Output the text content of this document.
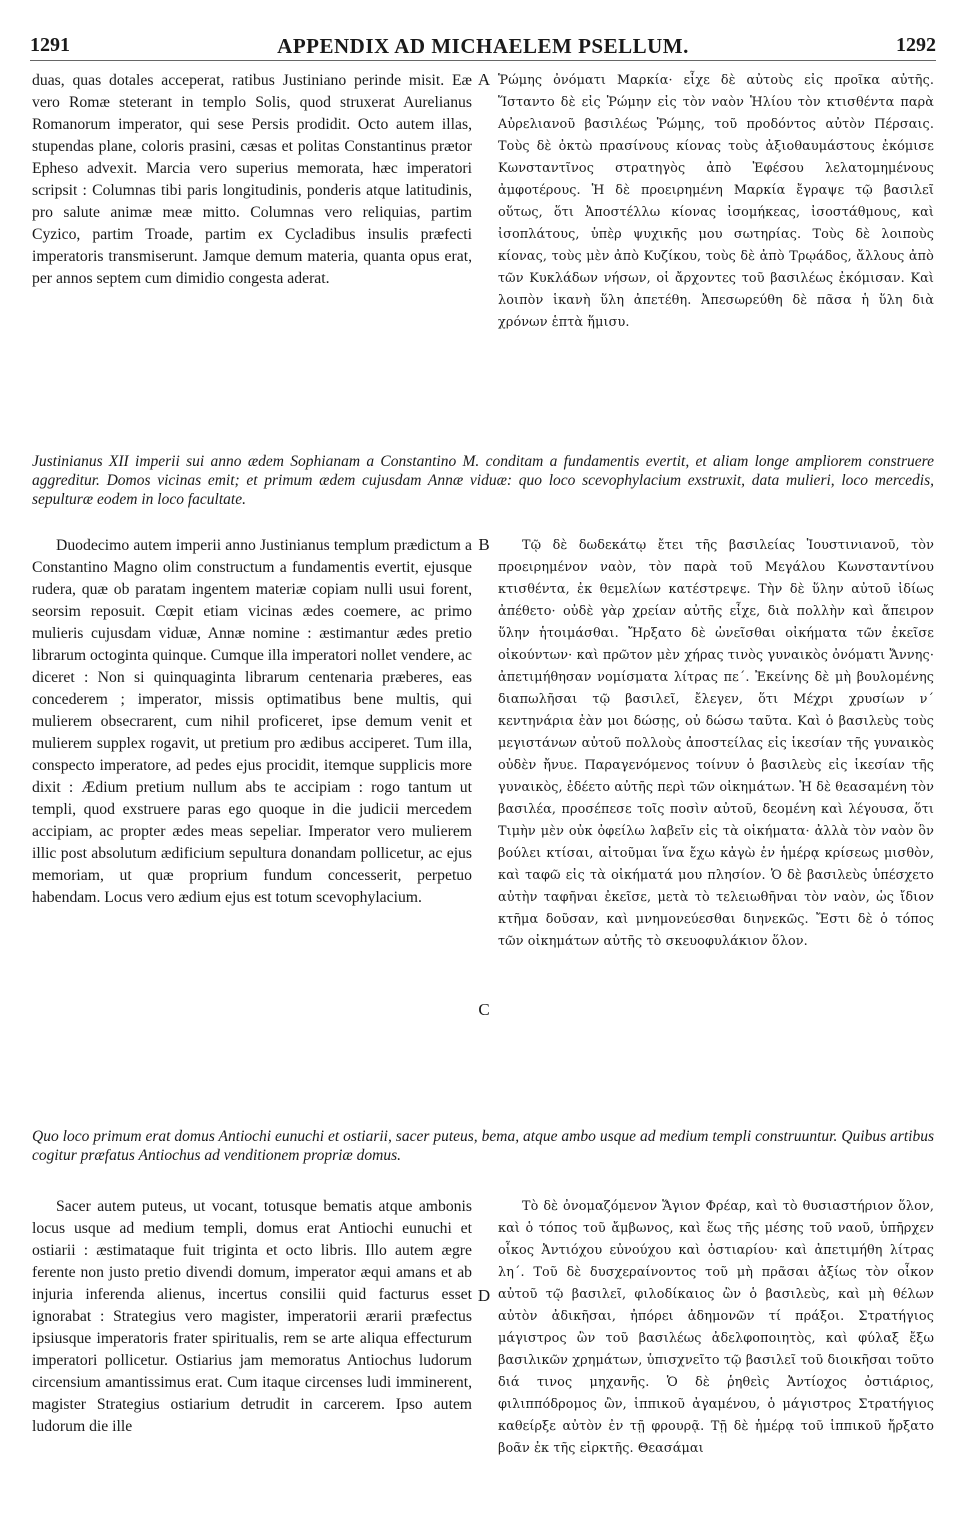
1291	APPENDIX AD MICHAELEM PSELLUM.	1292

duas, quas dotales acceperat, ratibus Justiniano perinde misit. Eæ vero Romæ steterant in templo Solis, quod struxerat Aurelianus Romanorum imperator, qui sese Persis prodidit. Octo autem illas, stupendas plane, coloris prasini, cæsas et politas Constantinus prætor Epheso advexit. Marcia vero superius memorata, hæc imperatori scripsit : Columnas tibi paris longitudinis, ponderis atque latitudinis, pro salute animæ meæ mitto. Columnas vero reliquias, partim Cyzico, partim Troade, partim ex Cycladibus insulis præfecti imperatoris transmiserunt. Jamque demum materia, quanta opus erat, per annos septem cum dimidio congesta aderat.

A Ῥώμης ὀνόματι Μαρκία· εἶχε δὲ αὐτοὺς εἰς προῖκα αὐτῆς. Ἵσταντο δὲ εἰς Ῥώμην εἰς τὸν ναὸν Ἡλίου τὸν κτισθέντα παρὰ Αὐρελιανοῦ βασιλέως Ῥώμης, τοῦ προδόντος αὐτὸν Πέρσαις. Τοὺς δὲ ὀκτὼ πρασίνους κίονας τοὺς ἀξιοθαυμάστους ἐκόμισε Κωνσταντῖνος στρατηγὸς ἀπὸ Ἐφέσου λελατομημένους ἀμφοτέρους. Ἡ δὲ προειρημένη Μαρκία ἔγραψε τῷ βασιλεῖ οὕτως, ὅτι Ἀποστέλλω κίονας ἰσομήκεας, ἰσοστάθμους, καὶ ἰσοπλάτους, ὑπὲρ ψυχικῆς μου σωτηρίας. Τοὺς δὲ λοιποὺς κίονας, τοὺς μὲν ἀπὸ Κυζίκου, τοὺς δὲ ἀπὸ Τρῳάδος, ἄλλους ἀπὸ τῶν Κυκλάδων νήσων, οἱ ἄρχοντες τοῦ βασιλέως ἐκόμισαν. Καὶ λοιπὸν ἱκανὴ ὕλη ἀπετέθη. Ἀπεσωρεύθη δὲ πᾶσα ἡ ὕλη διὰ χρόνων ἑπτὰ ἥμισυ.

Justinianus XII imperii sui anno ædem Sophianam a Constantino M. conditam a fundamentis evertit, et aliam longe ampliorem construere aggreditur. Domos vicinas emit; et primum ædem cujusdam Annæ viduæ: quo loco scevophylacium exstruxit, data mulieri, loco mercedis, sepulturæ eodem in loco facultate.

Duodecimo autem imperii anno Justinianus templum prædictum a Constantino Magno olim constructum a fundamentis evertit, ejusque rudera, quæ ob paratam ingentem materiæ copiam nulli usui forent, seorsim reposuit. Cœpit etiam vicinas ædes coemere, ac primo mulieris cujusdam viduæ, Annæ nomine : æstimantur ædes pretio librarum octoginta quinque. Cumque illa imperatori nollet vendere, ac diceret : Non si quinquaginta librarum centenaria præberes, eas concederem ; imperator, missis optimatibus bene multis, qui mulierem obsecrarent, cum nihil proficeret, ipse demum venit et mulierem supplex rogavit, ut pretium pro ædibus acciperet. Tum illa, conspecto imperatore, ad pedes ejus procidit, itemque supplicis more dixit : Ædium pretium nullum abs te accipiam : rogo tantum ut templi, quod exstruere paras ego quoque in die judicii mercedem accipiam, ac propter ædes meas sepeliar. Imperator vero mulierem illic post absolutum ædificium sepultura donandam pollicetur, ac ejus memoriam, ut quæ proprium fundum concesserit, perpetuo habendam. Locus vero ædium ejus est totum scevophylacium.

B
C

Τῷ δὲ δωδεκάτῳ ἔτει τῆς βασιλείας Ἰουστινιανοῦ, τὸν προειρημένον ναὸν, τὸν παρὰ τοῦ Μεγάλου Κωνσταντίνου κτισθέντα, ἐκ θεμελίων κατέστρεψε. Τὴν δὲ ὕλην αὐτοῦ ἰδίως ἀπέθετο· οὐδὲ γὰρ χρείαν αὐτῆς εἶχε, διὰ πολλὴν καὶ ἄπειρον ὕλην ἡτοιμάσθαι. Ἤρξατο δὲ ὠνεῖσθαι οἰκήματα τῶν ἐκεῖσε οἰκούντων· καὶ πρῶτον μὲν χήρας τινὸς γυναικὸς ὀνόματι Ἄννης· ἀπετιμήθησαν νομίσματα λίτρας πε΄. Ἐκείνης δὲ μὴ βουλομένης διαπωλῆσαι τῷ βασιλεῖ, ἔλεγεν, ὅτι Μέχρι χρυσίων ν΄ κεντηνάρια ἐὰν μοι δώσῃς, οὐ δώσω ταῦτα. Καὶ ὁ βασιλεὺς τοὺς μεγιστάνων αὐτοῦ πολλοὺς ἀποστείλας εἰς ἱκεσίαν τῆς γυναικὸς οὐδὲν ἤνυε. Παραγενόμενος τοίνυν ὁ βασιλεὺς εἰς ἱκεσίαν τῆς γυναικὸς, ἐδέετο αὐτῆς περὶ τῶν οἰκημάτων. Ἡ δὲ θεασαμένη τὸν βασιλέα, προσέπεσε τοῖς ποσὶν αὐτοῦ, δεομένη καὶ λέγουσα, ὅτι Τιμὴν μὲν οὐκ ὀφείλω λαβεῖν εἰς τὰ οἰκήματα· ἀλλὰ τὸν ναὸν ὃν βούλει κτίσαι, αἰτοῦμαι ἵνα ἔχω κἀγὼ ἐν ἡμέρᾳ κρίσεως μισθὸν, καὶ ταφῶ εἰς τὰ οἰκήματά μου πλησίον. Ὁ δὲ βασιλεὺς ὑπέσχετο αὐτὴν ταφῆναι ἐκεῖσε, μετὰ τὸ τελειωθῆναι τὸν ναὸν, ὡς ἴδιον κτῆμα δοῦσαν, καὶ μνημονεύεσθαι διηνεκῶς. Ἔστι δὲ ὁ τόπος τῶν οἰκημάτων αὐτῆς τὸ σκευοφυλάκιον ὅλον.

Quo loco primum erat domus Antiochi eunuchi et ostiarii, sacer puteus, bema, atque ambo usque ad medium templi construuntur. Quibus artibus cogitur præfatus Antiochus ad venditionem propriæ domus.

Sacer autem puteus, ut vocant, totusque bematis atque ambonis locus usque ad medium templi, domus erat Antiochi eunuchi et ostiarii : æstimataque fuit triginta et octo libris. Illo autem ægre ferente non justo pretio divendi domum, imperator æqui amans et ab injuria inferenda alienus, incertus consilii quid facturus esset ignorabat : Strategius vero magister, imperatorii ærarii præfectus ipsiusque imperatoris frater spiritualis, rem se arte aliqua effecturum imperatori pollicetur. Ostiarius jam memoratus Antiochus ludorum circensium amantissimus erat. Cum itaque circenses ludi imminerent, magister Strategius ostiarium detrudit in carcerem. Ipso autem ludorum die ille

D

Τὸ δὲ ὀνομαζόμενον Ἅγιον Φρέαρ, καὶ τὸ θυσιαστήριον ὅλον, καὶ ὁ τόπος τοῦ ἄμβωνος, καὶ ἕως τῆς μέσης τοῦ ναοῦ, ὑπῆρχεν οἶκος Ἀντιόχου εὐνούχου καὶ ὀστιαρίου· καὶ ἀπετιμήθη λίτρας λη΄. Τοῦ δὲ δυσχεραίνοντος τοῦ μὴ πρᾶσαι ἀξίως τὸν οἶκον αὐτοῦ τῷ βασιλεῖ, φιλοδίκαιος ὢν ὁ βασιλεὺς, καὶ μὴ θέλων αὐτὸν ἀδικῆσαι, ἠπόρει ἀδημονῶν τί πράξοι. Στρατήγιος μάγιστρος ὢν τοῦ βασιλέως ἀδελφοποιητὸς, καὶ φύλαξ ἔξω βασιλικῶν χρημάτων, ὑπισχνεῖτο τῷ βασιλεῖ τοῦ διοικῆσαι τοῦτο διά τινος μηχανῆς. Ὁ δὲ ῥηθεὶς Ἀντίοχος ὀστιάριος, φιλιππόδρομος ὢν, ἱππικοῦ ἀγαμένου, ὁ μάγιστρος Στρατήγιος καθείρξε αὐτὸν ἐν τῇ φρουρᾷ. Τῇ δὲ ἡμέρᾳ τοῦ ἱππικοῦ ἤρξατο βοᾶν ἐκ τῆς εἱρκτῆς. Θεασάμαι
